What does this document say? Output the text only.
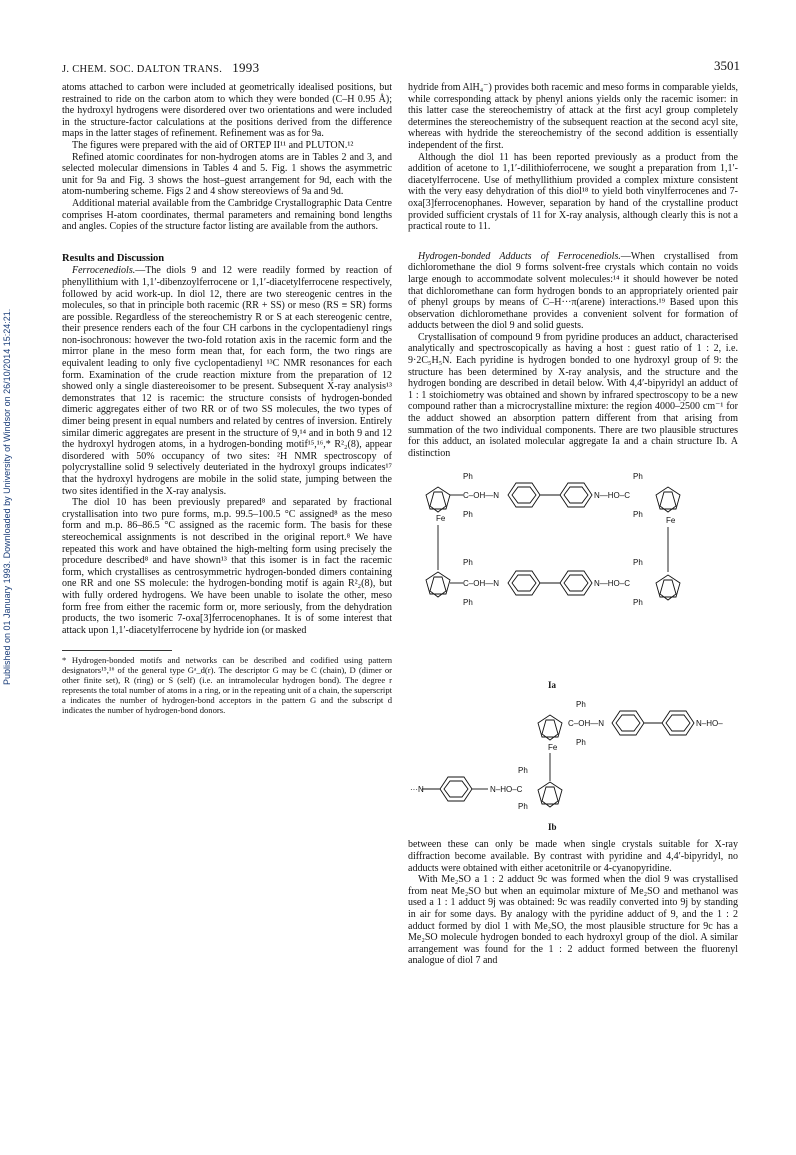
J. CHEM. SOC. DALTON TRANS. 1993	3501
Published on 01 January 1993. Downloaded by University of Windsor on 26/10/2014 15:24:21.

atoms attached to carbon were included at geometrically idealised positions, but restrained to ride on the carbon atom to which they were bonded (C–H 0.95 Å); the hydroxyl hydrogens were disordered over two orientations and were included in the structure-factor calculations at the positions derived from the difference maps in the latter stages of refinement. Refinement was as for 9a.

The figures were prepared with the aid of ORTEP II¹¹ and PLUTON.¹²

Refined atomic coordinates for non-hydrogen atoms are in Tables 2 and 3, and selected molecular dimensions in Tables 4 and 5. Fig. 1 shows the asymmetric unit for 9a and Fig. 3 shows the host–guest arrangement for 9d, each with the atom-numbering scheme. Figs 2 and 4 show stereoviews of 9a and 9d.

Additional material available from the Cambridge Crystallographic Data Centre comprises H-atom coordinates, thermal parameters and remaining bond lengths and angles. Copies of the structure factor listing are available from the authors.

Results and Discussion

Ferrocenediols.—The diols 9 and 12 were readily formed by reaction of phenyllithium with 1,1′-dibenzoylferrocene or 1,1′-diacetylferrocene respectively, followed by acid work-up. In diol 12, there are two stereogenic centres in the molecules, so that in principle both racemic (RR + SS) or meso (RS ≡ SR) forms are possible. Regardless of the stereochemistry R or S at each stereogenic centre, their presence renders each of the four CH carbons in the cyclopentadienyl rings non-isochronous: however the two-fold rotation axis in the racemic form and the mirror plane in the meso form mean that, for each form, the two rings are equivalent leading to only five cyclopentadienyl ¹³C NMR resonances for each form. Examination of the crude reaction mixture from the preparation of 12 showed only a single diastereoisomer to be present. Subsequent X-ray analysis¹³ demonstrates that 12 is racemic: the structure consists of hydrogen-bonded dimeric aggregates either of two RR or of two SS molecules, the two types of dimer being present in equal numbers and related by centres of inversion. Entirely similar dimeric aggregates are present in the structure of 9,¹⁴ and in both 9 and 12 the hydroxyl hydrogen atoms, in a hydrogen-bonding motif¹⁵,¹⁶,* R²₂(8), appear disordered with 50% occupancy of two sites: ²H NMR spectroscopy of polycrystalline solid 9 selectively deuteriated in the hydroxyl groups indicates¹⁷ that the hydroxyl hydrogens are mobile in the solid state, jumping between the two sites identified in the X-ray analysis.

The diol 10 has been previously prepared⁸ and separated by fractional crystallisation into two pure forms, m.p. 99.5–100.5 °C assigned⁸ as the meso form and m.p. 86–86.5 °C assigned as the racemic form. The basis for these stereochemical assignments is not described in the original report.⁸ We have repeated this work and have obtained the high-melting form using precisely the procedure described⁸ and have shown¹³ that this isomer is in fact the racemic form, which crystallises as centrosymmetric hydrogen-bonded dimers containing one RR and one SS molecule: the hydrogen-bonding motif is again R²₂(8), but with fully ordered hydrogens. We have been unable to isolate the other, meso form free from either the racemic form or, more seriously, from the dehydration products, the two isomeric 7-oxa[3]ferrocenophanes. It is of some interest that attack upon 1,1′-diacetylferrocene by hydride ion (or masked

* Hydrogen-bonded motifs and networks can be described and codified using pattern designators¹⁵,¹⁶ of the general type Gᵃ_d(r). The descriptor G may be C (chain), D (dimer or other finite set), R (ring) or S (self) (i.e. an intramolecular hydrogen bond). The degree r represents the total number of atoms in a ring, or in the repeating unit of a chain, the superscript a indicates the number of hydrogen-bond acceptors in the pattern G and the subscript d indicates the number of hydrogen-bond donors.

hydride from AlH₄⁻) provides both racemic and meso forms in comparable yields, while corresponding attack by phenyl anions yields only the racemic isomer: in this latter case the stereochemistry of attack at the first acyl group completely determines the stereochemistry of the subsequent reaction at the second acyl site, whereas with hydride the stereochemistry of the second addition is essentially independent of the first.

Although the diol 11 has been reported previously as a product from the addition of acetone to 1,1′-dilithioferrocene, we sought a preparation from 1,1′-diacetylferrocene. Use of methyllithium provided a complex mixture consistent with the very easy dehydration of this diol¹⁸ to yield both vinylferrocenes and 7-oxa[3]ferrocenophanes. However, separation by hand of the crystalline product provided sufficient crystals of 11 for X-ray analysis, although clearly this is not a practical route to 11.

Hydrogen-bonded Adducts of Ferrocenediols.—When crystallised from dichloromethane the diol 9 forms solvent-free crystals which contain no voids large enough to accommodate solvent molecules:¹⁴ it should however be noted that dichloromethane can form hydrogen bonds to an appropriately oriented pair of phenyl groups by means of C–H···π(arene) interactions.¹⁹ Based upon this observation dichloromethane provides a convenient solvent for formation of adducts between the diol 9 and solid guests.

Crystallisation of compound 9 from pyridine produces an adduct, characterised analytically and spectroscopically as having a host : guest ratio of 1 : 2, i.e. 9·2C₅H₅N. Each pyridine is hydrogen bonded to one hydroxyl group of 9: the structure has been determined by X-ray analysis, and the structure and the hydrogen bonding are described in detail below. With 4,4′-bipyridyl an adduct of 1 : 1 stoichiometry was obtained and shown by infrared spectroscopy to be a new compound rather than a microcrystalline mixture: the region 4000–2500 cm⁻¹ for the adduct showed an absorption pattern different from that arising from summation of the two individual components. There are two plausible structures for this adduct, an isolated molecular aggregate Ia and a chain structure Ib. A distinction

Fe
Ph
C–OH—N
Ph
N—HO–C
Ph
Ph
Fe
Ph
C–OH—N
Ph
N—HO–C
Ph
Ph
Fe
Ph
C–OH—N
Ph
N–HO–
Ph
N–HO–C
Ph
···N
Ia
Ib

between these can only be made when single crystals suitable for X-ray diffraction become available. By contrast with pyridine and 4,4′-bipyridyl, no adducts were obtained with either acetonitrile or 4-cyanopyridine.

With Me₂SO a 1 : 2 adduct 9c was formed when the diol 9 was crystallised from neat Me₂SO but when an equimolar mixture of Me₂SO and methanol was used a 1 : 1 adduct 9j was obtained: 9c was readily converted into 9j by standing in air for some days. By analogy with the pyridine adduct of 9, and the 1 : 2 adduct formed by diol 1 with Me₂SO, the most plausible structure for 9c has a Me₂SO molecule hydrogen bonded to each hydroxyl group of the diol. A similar arrangement was found for the 1 : 2 adduct formed between the fluorenyl analogue of diol 7 and
